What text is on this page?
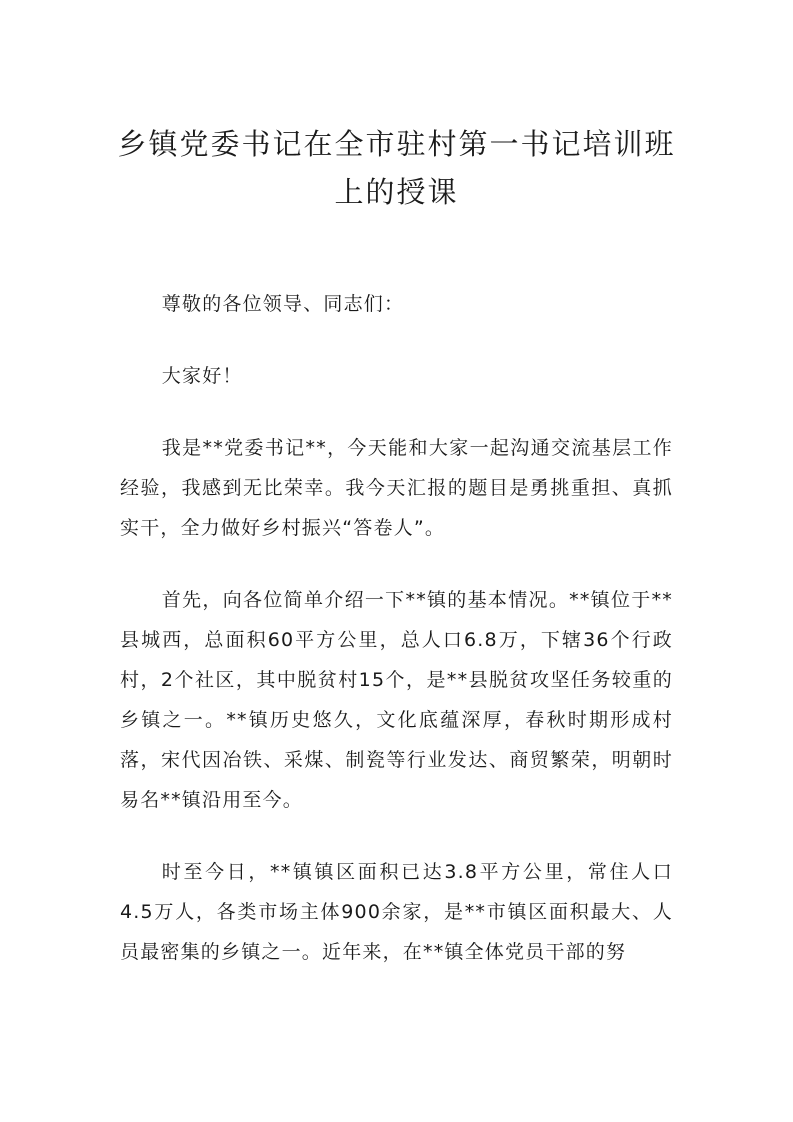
乡镇党委书记在全市驻村第一书记培训班
上的授课

尊敬的各位领导、同志们：

大家好！

我是**党委书记**，今天能和大家一起沟通交流基层工作经验，我感到无比荣幸。我今天汇报的题目是勇挑重担、真抓实干，全力做好乡村振兴“答卷人”。

首先，向各位简单介绍一下**镇的基本情况。**镇位于**县城西，总面积60平方公里，总人口6.8万，下辖36个行政村，2个社区，其中脱贫村15个，是**县脱贫攻坚任务较重的乡镇之一。**镇历史悠久，文化底蕴深厚，春秋时期形成村落，宋代因冶铁、采煤、制瓷等行业发达、商贸繁荣，明朝时易名**镇沿用至今。

时至今日，**镇镇区面积已达3.8平方公里，常住人口4.5万人，各类市场主体900余家，是**市镇区面积最大、人员最密集的乡镇之一。近年来，在**镇全体党员干部的努
